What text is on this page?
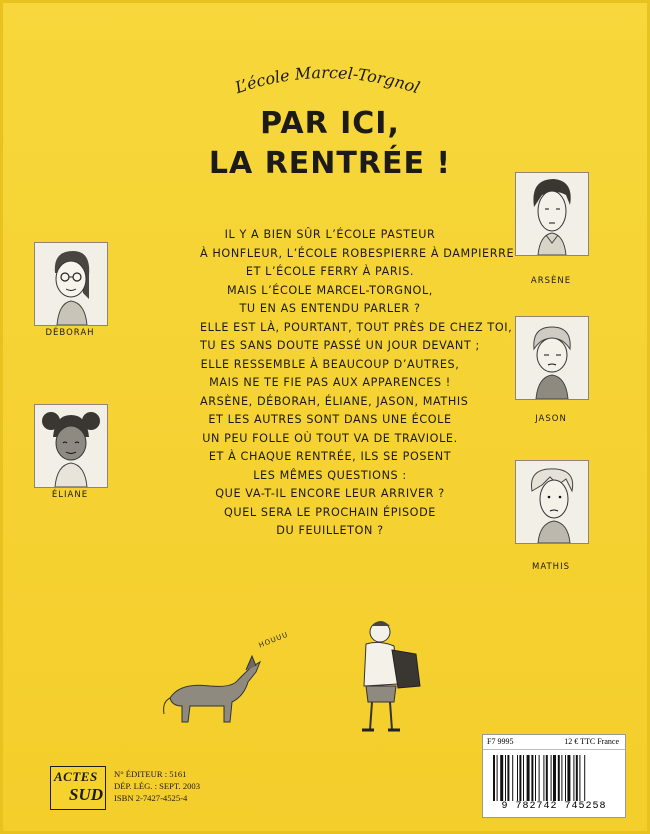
L’école Marcel-Torgnol
PAR ICI,
LA RENTRÉE !
IL Y A BIEN SÛR L’ÉCOLE PASTEUR
À HONFLEUR, L’ÉCOLE ROBESPIERRE À DAMPIERRE
ET L’ÉCOLE FERRY À PARIS.
MAIS L’ÉCOLE MARCEL-TORGNOL,
TU EN AS ENTENDU PARLER ?
ELLE EST LÀ, POURTANT, TOUT PRÈS DE CHEZ TOI,
TU ES SANS DOUTE PASSÉ UN JOUR DEVANT ;
ELLE RESSEMBLE À BEAUCOUP D’AUTRES,
MAIS NE TE FIE PAS AUX APPARENCES !
ARSÈNE, DÉBORAH, ÉLIANE, JASON, MATHIS
ET LES AUTRES SONT DANS UNE ÉCOLE
UN PEU FOLLE OÙ TOUT VA DE TRAVIOLE.
ET À CHAQUE RENTRÉE, ILS SE POSENT
LES MÊMES QUESTIONS :
QUE VA-T-IL ENCORE LEUR ARRIVER ?
QUEL SERA LE PROCHAIN ÉPISODE
DU FEUILLETON ?
DÉBORAH
ÉLIANE
ARSÈNE
JASON
MATHIS
HOUUU
F7 9995	12 € TTC France
9 782742 745258
ACTES
SUD
N° ÉDITEUR : 5161
DÉP. LÉG. : SEPT. 2003
ISBN 2-7427-4525-4
